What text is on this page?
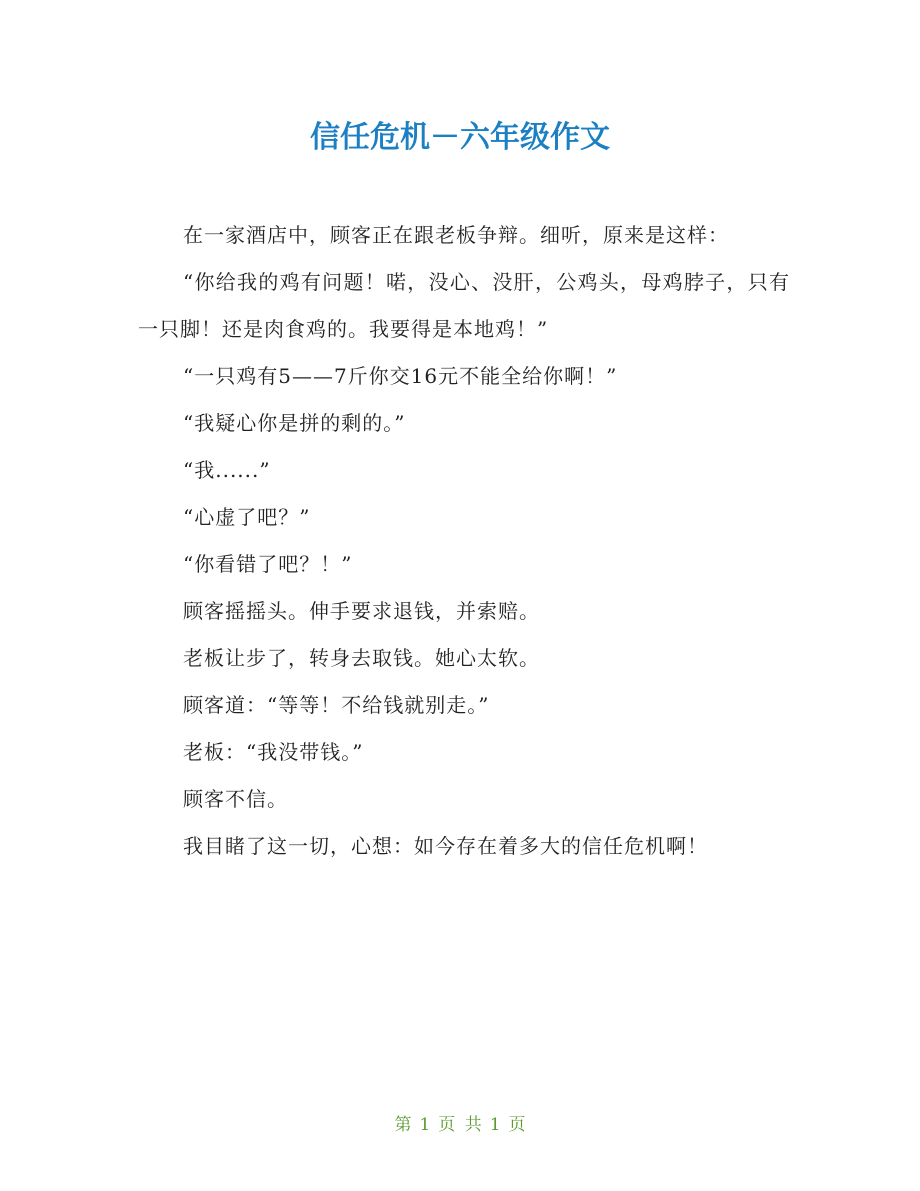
信任危机－六年级作文

在一家酒店中，顾客正在跟老板争辩。细听，原来是这样：

“你给我的鸡有问题！喏，没心、没肝，公鸡头，母鸡脖子，只有一只脚！还是肉食鸡的。我要得是本地鸡！”

“一只鸡有5——7斤你交16元不能全给你啊！”

“我疑心你是拼的剩的。”

“我......”

“心虚了吧？”

“你看错了吧？！”

顾客摇摇头。伸手要求退钱，并索赔。

老板让步了，转身去取钱。她心太软。

顾客道：“等等！不给钱就别走。”

老板：“我没带钱。”

顾客不信。

我目睹了这一切，心想：如今存在着多大的信任危机啊！

第 1 页 共 1 页
